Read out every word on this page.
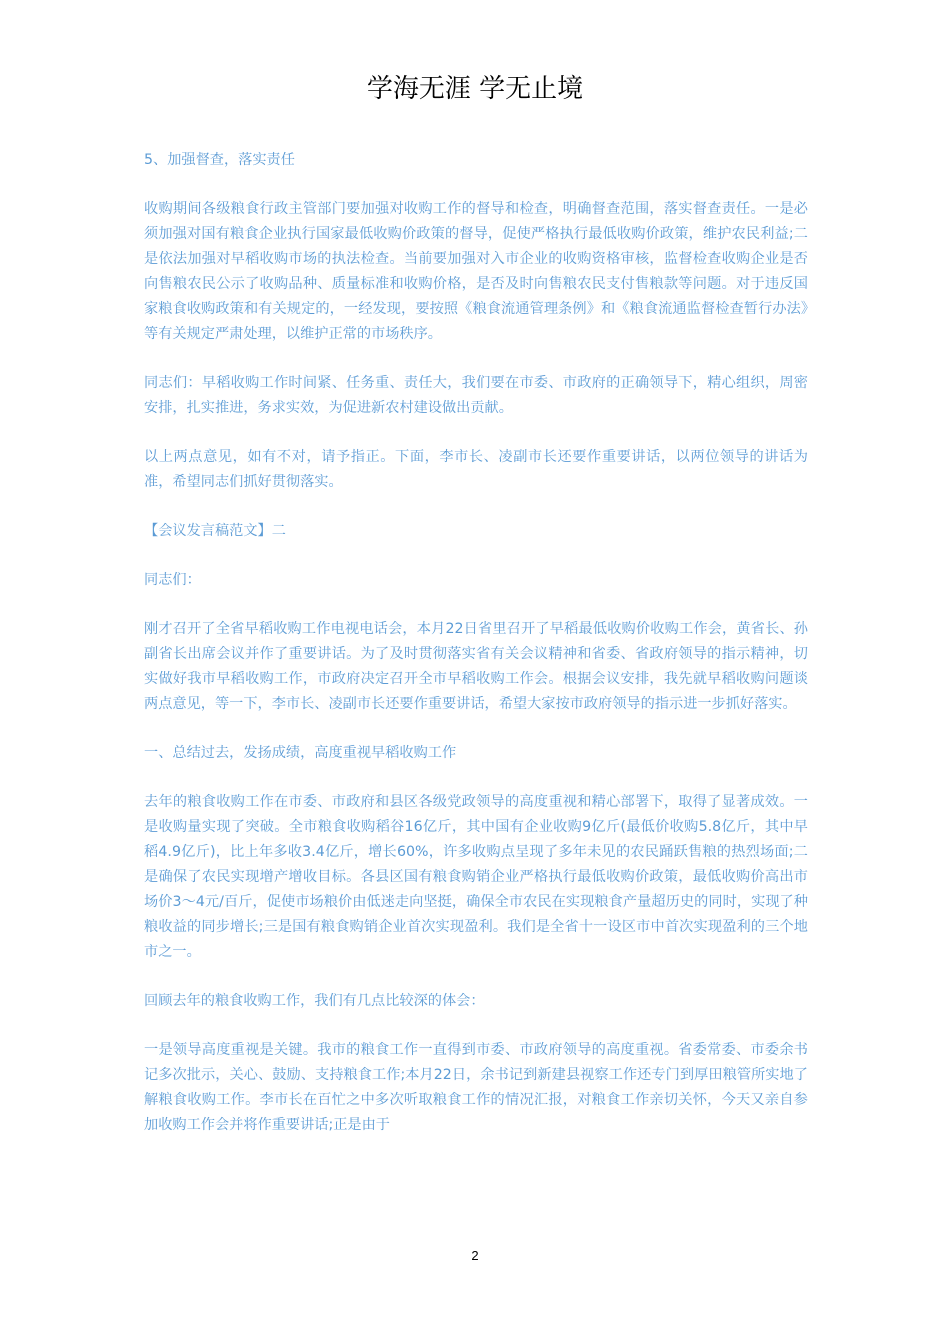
学海无涯 学无止境

5、加强督查，落实责任

收购期间各级粮食行政主管部门要加强对收购工作的督导和检查，明确督查范围，落实督查责任。一是必须加强对国有粮食企业执行国家最低收购价政策的督导，促使严格执行最低收购价政策，维护农民利益;二是依法加强对早稻收购市场的执法检查。当前要加强对入市企业的收购资格审核，监督检查收购企业是否向售粮农民公示了收购品种、质量标准和收购价格，是否及时向售粮农民支付售粮款等问题。对于违反国家粮食收购政策和有关规定的，一经发现，要按照《粮食流通管理条例》和《粮食流通监督检查暂行办法》等有关规定严肃处理，以维护正常的市场秩序。

同志们：早稻收购工作时间紧、任务重、责任大，我们要在市委、市政府的正确领导下，精心组织，周密安排，扎实推进，务求实效，为促进新农村建设做出贡献。

以上两点意见，如有不对，请予指正。下面，李市长、凌副市长还要作重要讲话，以两位领导的讲话为准，希望同志们抓好贯彻落实。

【会议发言稿范文】二

同志们：

刚才召开了全省早稻收购工作电视电话会，本月22日省里召开了早稻最低收购价收购工作会，黄省长、孙副省长出席会议并作了重要讲话。为了及时贯彻落实省有关会议精神和省委、省政府领导的指示精神，切实做好我市早稻收购工作，市政府决定召开全市早稻收购工作会。根据会议安排，我先就早稻收购问题谈两点意见，等一下，李市长、凌副市长还要作重要讲话，希望大家按市政府领导的指示进一步抓好落实。

一、总结过去，发扬成绩，高度重视早稻收购工作

去年的粮食收购工作在市委、市政府和县区各级党政领导的高度重视和精心部署下，取得了显著成效。一是收购量实现了突破。全市粮食收购稻谷16亿斤，其中国有企业收购9亿斤(最低价收购5.8亿斤，其中早稻4.9亿斤)，比上年多收3.4亿斤，增长60%，许多收购点呈现了多年未见的农民踊跃售粮的热烈场面;二是确保了农民实现增产增收目标。各县区国有粮食购销企业严格执行最低收购价政策，最低收购价高出市场价3～4元/百斤，促使市场粮价由低迷走向坚挺，确保全市农民在实现粮食产量超历史的同时，实现了种粮收益的同步增长;三是国有粮食购销企业首次实现盈利。我们是全省十一设区市中首次实现盈利的三个地市之一。

回顾去年的粮食收购工作，我们有几点比较深的体会：

一是领导高度重视是关键。我市的粮食工作一直得到市委、市政府领导的高度重视。省委常委、市委余书记多次批示，关心、鼓励、支持粮食工作;本月22日，余书记到新建县视察工作还专门到厚田粮管所实地了解粮食收购工作。李市长在百忙之中多次听取粮食工作的情况汇报，对粮食工作亲切关怀，今天又亲自参加收购工作会并将作重要讲话;正是由于

2
